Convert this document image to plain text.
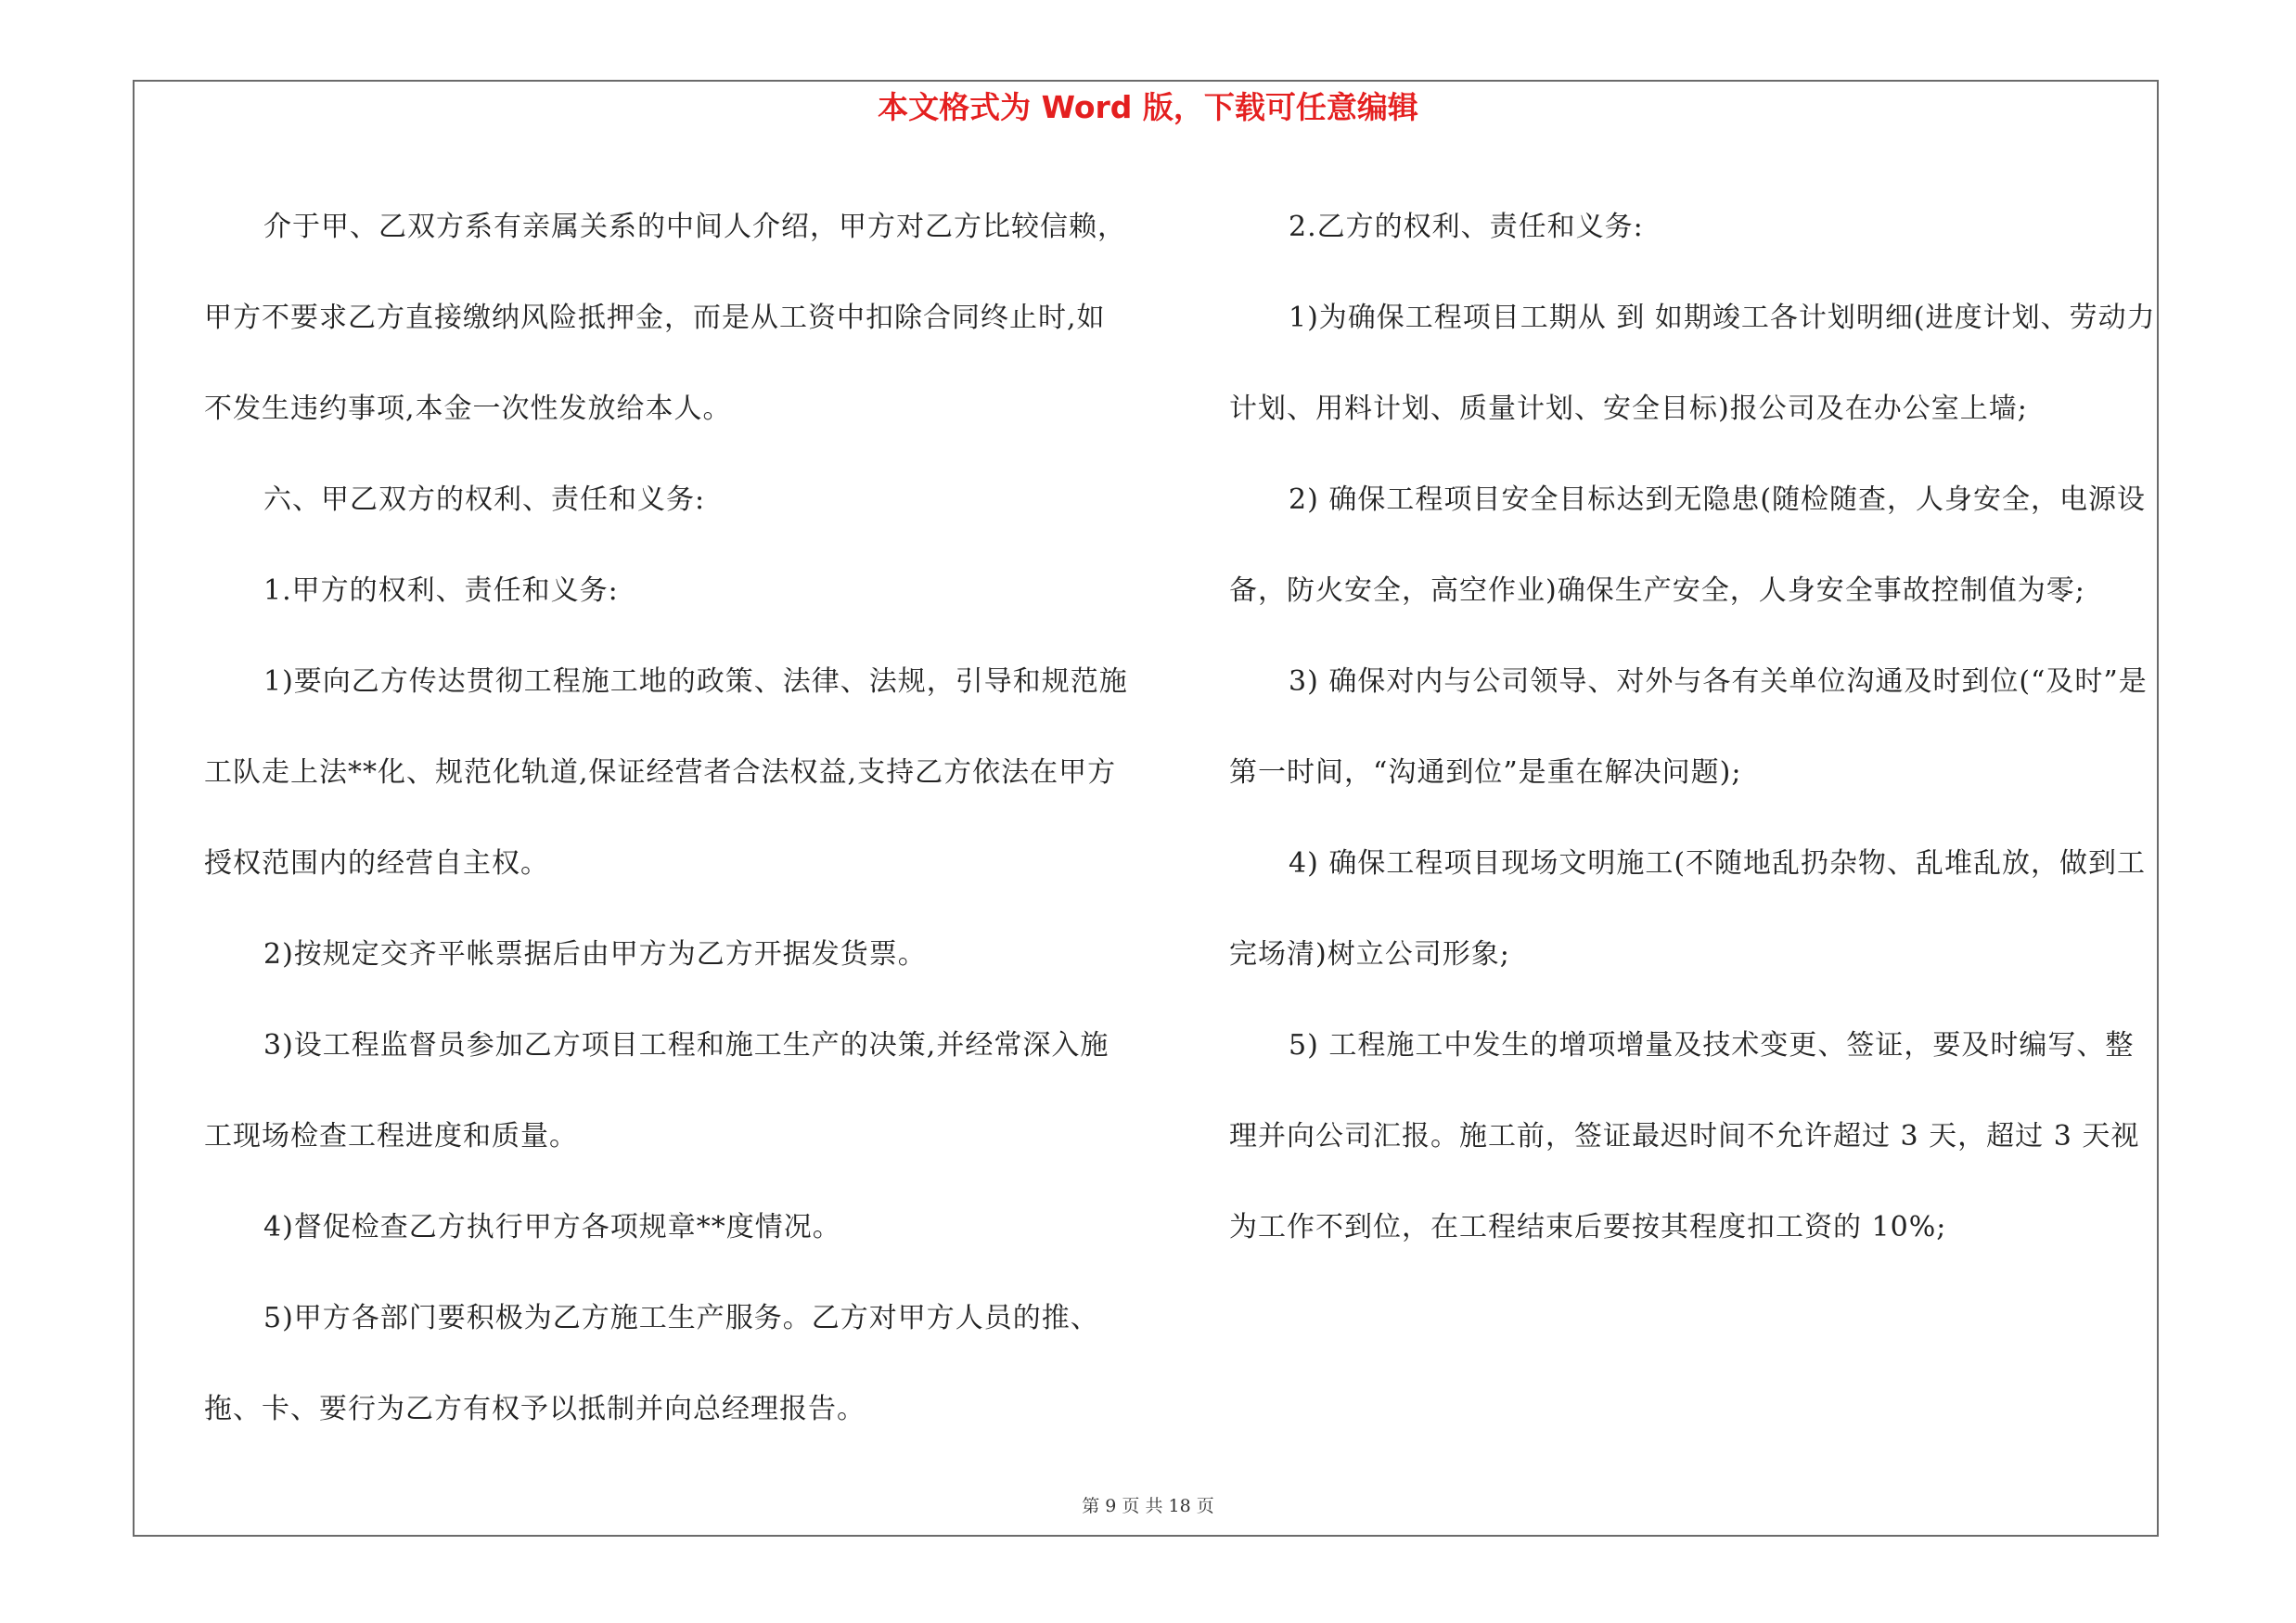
本文格式为 Word 版，下载可任意编辑

介于甲、乙双方系有亲属关系的中间人介绍，甲方对乙方比较信赖，甲方不要求乙方直接缴纳风险抵押金，而是从工资中扣除合同终止时,如不发生违约事项,本金一次性发放给本人。

六、甲乙双方的权利、责任和义务:

1.甲方的权利、责任和义务:

1)要向乙方传达贯彻工程施工地的政策、法律、法规，引导和规范施工队走上法**化、规范化轨道,保证经营者合法权益,支持乙方依法在甲方授权范围内的经营自主权。

2)按规定交齐平帐票据后由甲方为乙方开据发货票。

3)设工程监督员参加乙方项目工程和施工生产的决策,并经常深入施工现场检查工程进度和质量。

4)督促检查乙方执行甲方各项规章**度情况。

5)甲方各部门要积极为乙方施工生产服务。乙方对甲方人员的推、拖、卡、要行为乙方有权予以抵制并向总经理报告。

2.乙方的权利、责任和义务:

1)为确保工程项目工期从 到 如期竣工各计划明细(进度计划、劳动力计划、用料计划、质量计划、安全目标)报公司及在办公室上墙;

2) 确保工程项目安全目标达到无隐患(随检随查，人身安全，电源设备，防火安全，高空作业)确保生产安全，人身安全事故控制值为零;

3) 确保对内与公司领导、对外与各有关单位沟通及时到位(“及时”是第一时间，“沟通到位”是重在解决问题);

4) 确保工程项目现场文明施工(不随地乱扔杂物、乱堆乱放，做到工完场清)树立公司形象;

5) 工程施工中发生的增项增量及技术变更、签证，要及时编写、整理并向公司汇报。施工前，签证最迟时间不允许超过 3 天，超过 3 天视为工作不到位，在工程结束后要按其程度扣工资的 10%;

第 9 页 共 18 页
